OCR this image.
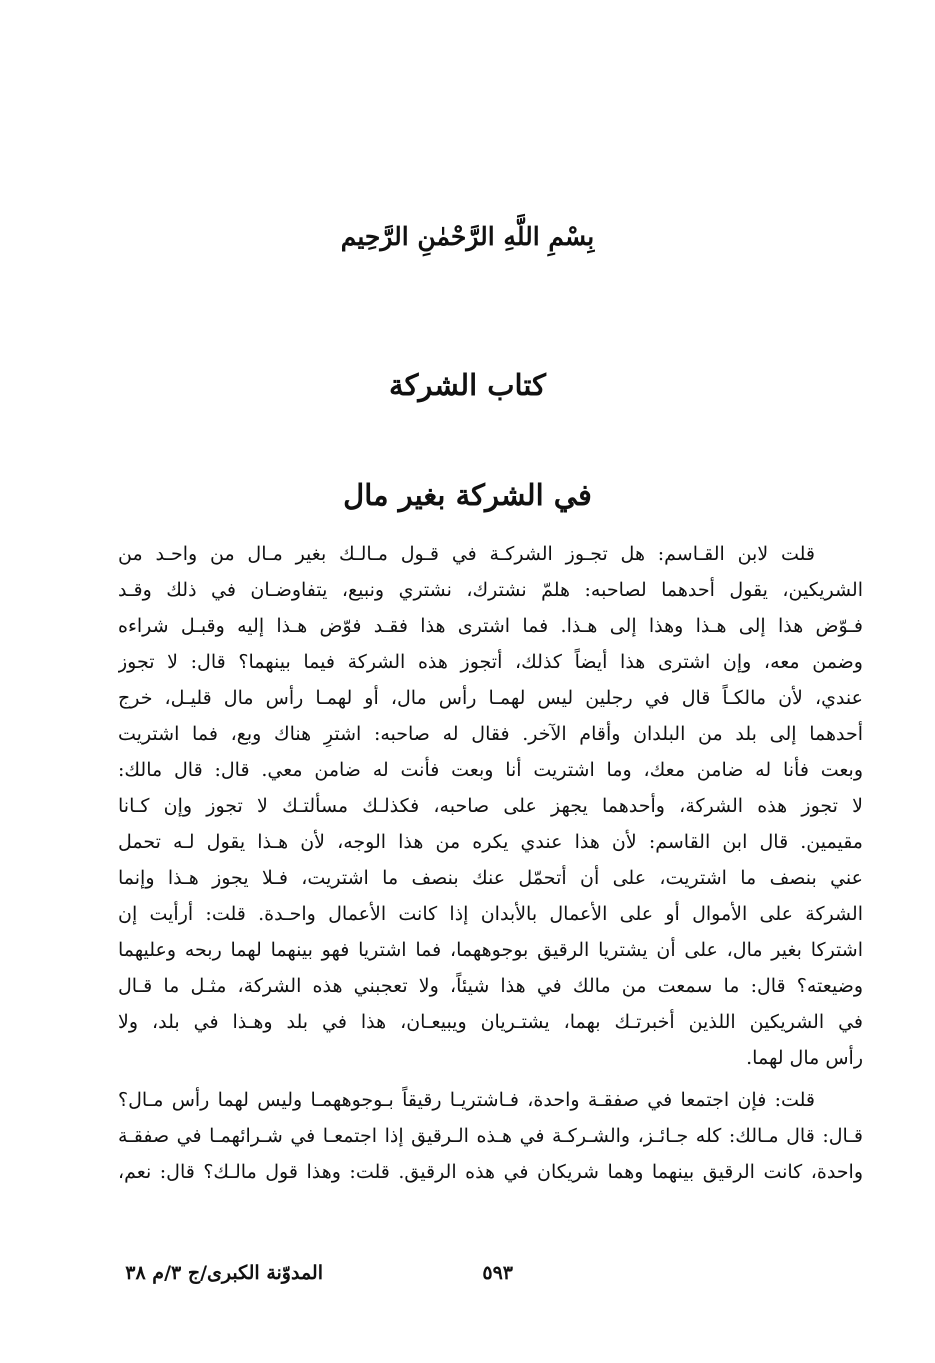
بِسْمِ اللَّهِ الرَّحْمٰنِ الرَّحِيم
كتاب الشركة
في الشركة بغير مال
قلت لابن القـاسم: هل تجـوز الشركـة في قـول مـالـك بغير مـال من واحـد من
الشريكين، يقول أحدهما لصاحبه: هلمّ نشترك، نشتري ونبيع، يتفاوضـان في ذلك وقـد
فـوّض هذا إلى هـذا وهذا إلى هـذا. فما اشترى هذا فقـد فوّض هـذا إليه وقبـل شراءه
وضمن معه، وإن اشترى هذا أيضاً كذلك، أتجوز هذه الشركة فيما بينهما؟ قال: لا تجوز
عندي، لأن مالكـاً قال في رجلين ليس لهمـا رأس مال، أو لهمـا رأس مال قليـل، خرج
أحدهما إلى بلد من البلدان وأقام الآخر. فقال له صاحبه: اشترِ هناك وبع، فما اشتريت
وبعت فأنا له ضامن معك، وما اشتريت أنا وبعت فأنت له ضامن معي. قال: قال مالك:
لا تجوز هذه الشركة، وأحدهما يجهز على صاحبه، فكذلـك مسألتـك لا تجوز وإن كـانا
مقيمين. قال ابن القاسم: لأن هذا عندي يكره من هذا الوجه، لأن هـذا يقول لـه تحمل
عني بنصف ما اشتريت، على أن أتحمّل عنك بنصف ما اشتريت، فـلا يجوز هـذا وإنما
الشركة على الأموال أو على الأعمال بالأبدان إذا كانت الأعمال واحـدة. قلت: أرأيت إن
اشتركا بغير مال، على أن يشتريا الرقيق بوجوههما، فما اشتريا فهو بينهما لهما ربحه وعليهما
وضيعته؟ قال: ما سمعت من مالك في هذا شيئاً، ولا تعجبني هذه الشركة، مثـل ما قـال
في الشريكين اللذين أخبرتـك بهما، يشتـريان ويبيعـان، هذا في بلد وهـذا في بلد، ولا
رأس مال لهما.
قلت: فإن اجتمعا في صفقـة واحدة، فـاشتريـا رقيقاً بـوجوههمـا وليس لهما رأس مـال؟
قـال: قال مـالك: كله جـائـز، والشـركـة في هـذه الـرقيق إذا اجتمعـا في شـرائهمـا في صفقـة
واحدة، كانت الرقيق بينهما وهما شريكان في هذه الرقيق. قلت: وهذا قول مالـك؟ قال: نعم،
٥٩٣
المدوّنة الكبرى/ج ٣/م ٣٨
